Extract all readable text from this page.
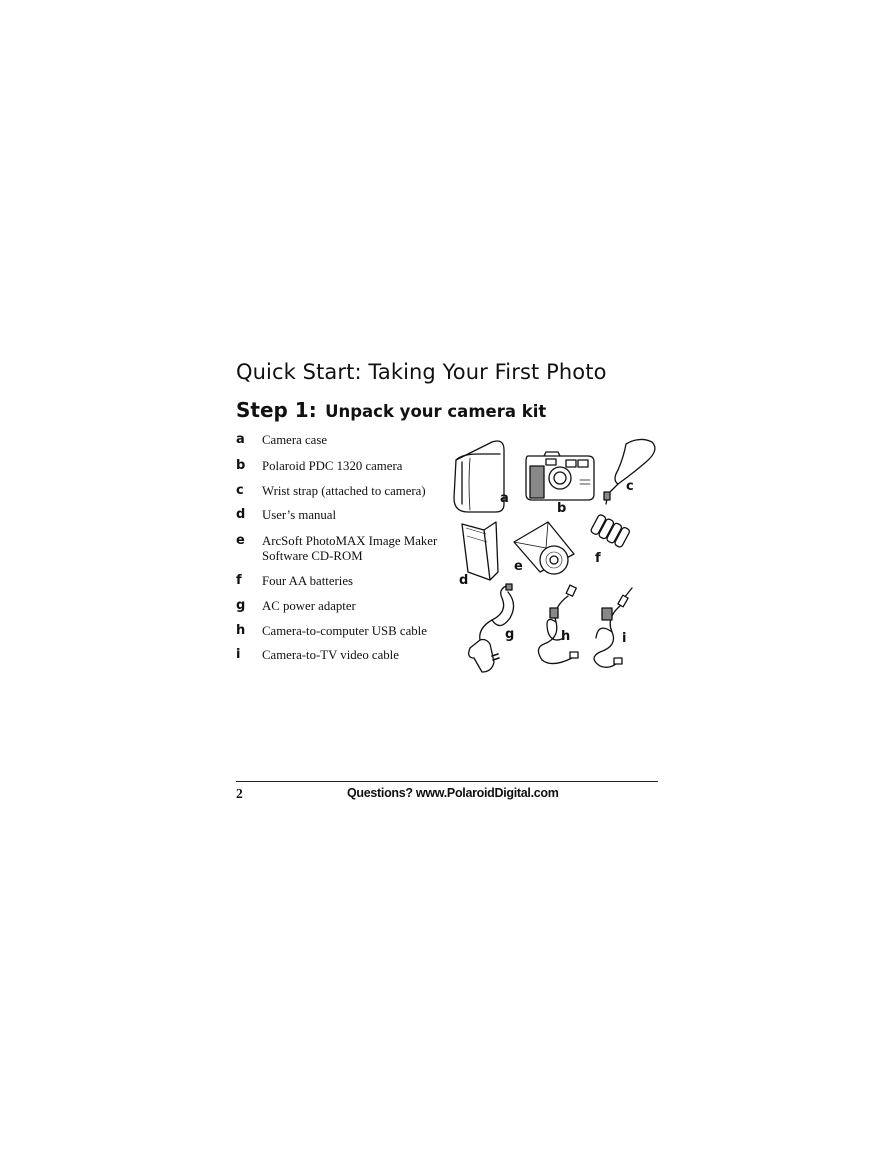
Quick Start: Taking Your First Photo
Step 1: Unpack your camera kit
a Camera case
b Polaroid PDC 1320 camera
c Wrist strap (attached to camera)
d User’s manual
e ArcSoft PhotoMAX Image Maker Software CD-ROM
f Four AA batteries
g AC power adapter
h Camera-to-computer USB cable
i Camera-to-TV video cable
a
b
c
d
e
f
g	h	i
2	Questions? www.PolaroidDigital.com
